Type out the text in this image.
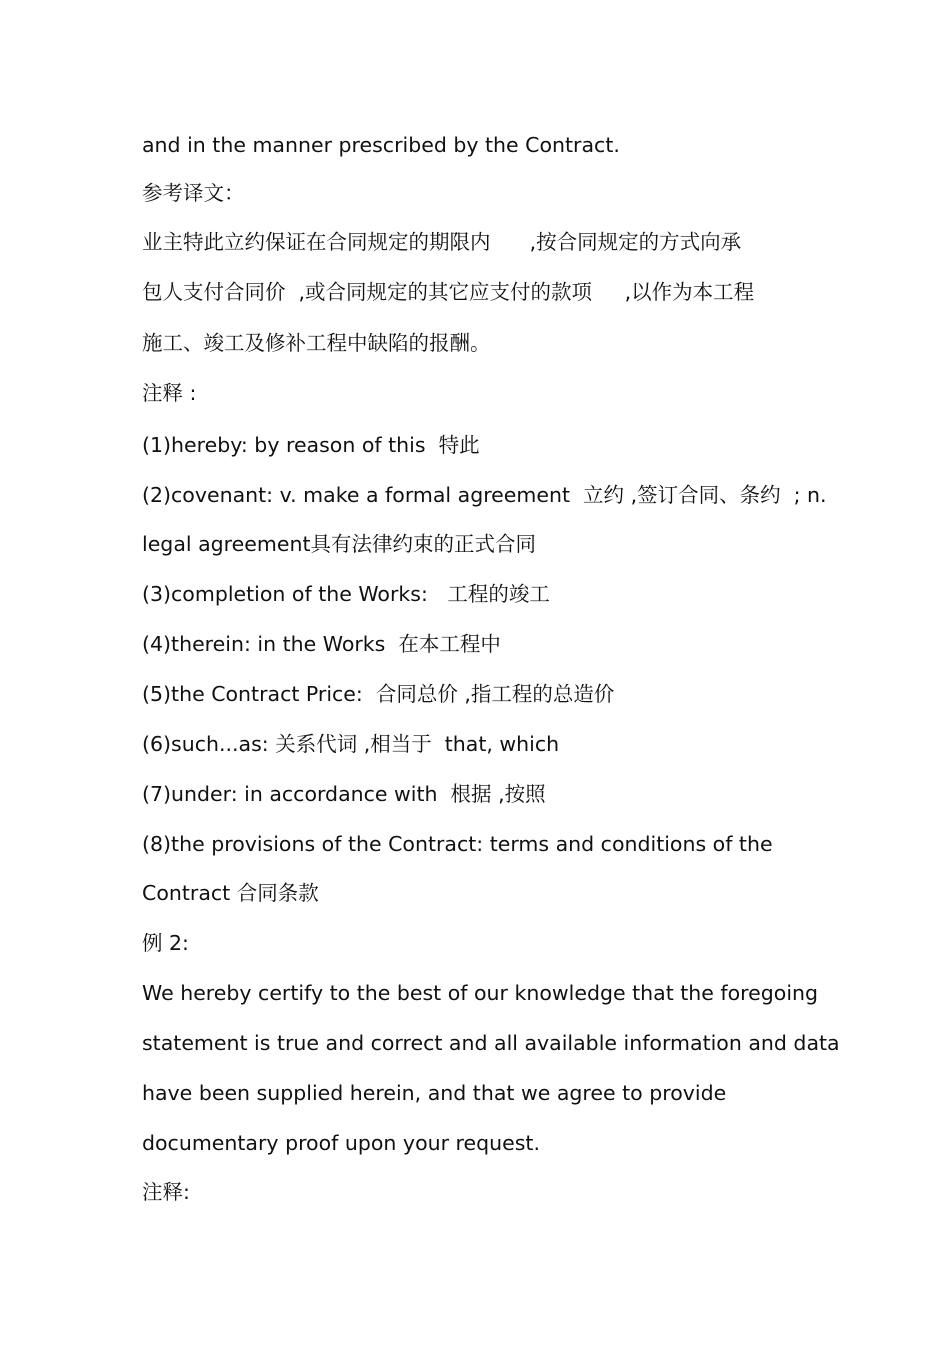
and in the manner prescribed by the Contract.
参考译文：
业主特此立约保证在合同规定的期限内      ,按合同规定的方式向承
包人支付合同价  ,或合同规定的其它应支付的款项     ,以作为本工程
施工、竣工及修补工程中缺陷的报酬。
注释 :
(1)hereby: by reason of this  特此
(2)covenant: v. make a formal agreement  立约 ,签订合同、条约  ; n.
legal agreement具有法律约束的正式合同
(3)completion of the Works:   工程的竣工
(4)therein: in the Works  在本工程中
(5)the Contract Price:  合同总价 ,指工程的总造价
(6)such...as: 关系代词 ,相当于  that, which
(7)under: in accordance with  根据 ,按照
(8)the provisions of the Contract: terms and conditions of the
Contract 合同条款
例 2:
We hereby certify to the best of our knowledge that the foregoing
statement is true and correct and all available information and data
have been supplied herein, and that we agree to provide
documentary proof upon your request.
注释:
